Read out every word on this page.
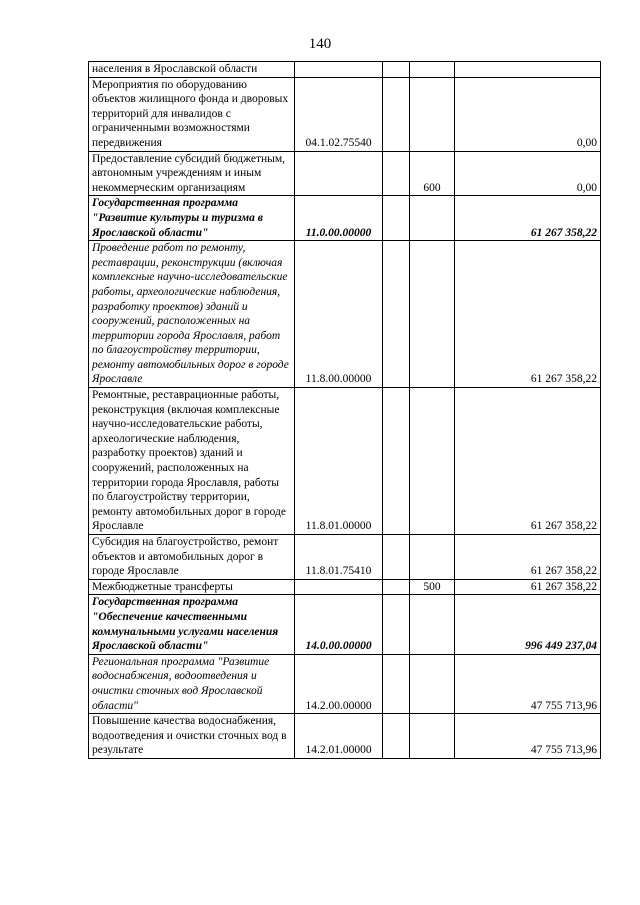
140
населения в Ярославской области				
Мероприятия по оборудованию объектов жилищного фонда и дворовых территорий для инвалидов с ограниченными возможностями передвижения	04.1.02.75540			0,00
Предоставление субсидий бюджетным, автономным учреждениям и иным некоммерческим организациям			600	0,00
Государственная программа "Развитие культуры и туризма в Ярославской области"	11.0.00.00000			61 267 358,22
Проведение работ по ремонту, реставрации, реконструкции (включая комплексные научно-исследовательские работы, археологические наблюдения, разработку проектов) зданий и сооружений, расположенных на территории города Ярославля, работ по благоустройству территории, ремонту автомобильных дорог в городе Ярославле	11.8.00.00000			61 267 358,22
Ремонтные, реставрационные работы, реконструкция (включая комплексные научно-исследовательские работы, археологические наблюдения, разработку проектов) зданий и сооружений, расположенных на территории города Ярославля, работы по благоустройству территории, ремонту автомобильных дорог в городе Ярославле	11.8.01.00000			61 267 358,22
Субсидия на благоустройство, ремонт объектов и автомобильных дорог в городе Ярославле	11.8.01.75410			61 267 358,22
Межбюджетные трансферты			500	61 267 358,22
Государственная программа "Обеспечение качественными коммунальными услугами населения Ярославской области"	14.0.00.00000			996 449 237,04
Региональная программа "Развитие водоснабжения, водоотведения и очистки сточных вод Ярославской области"	14.2.00.00000			47 755 713,96
Повышение качества водоснабжения, водоотведения и очистки сточных вод в результате	14.2.01.00000			47 755 713,96
